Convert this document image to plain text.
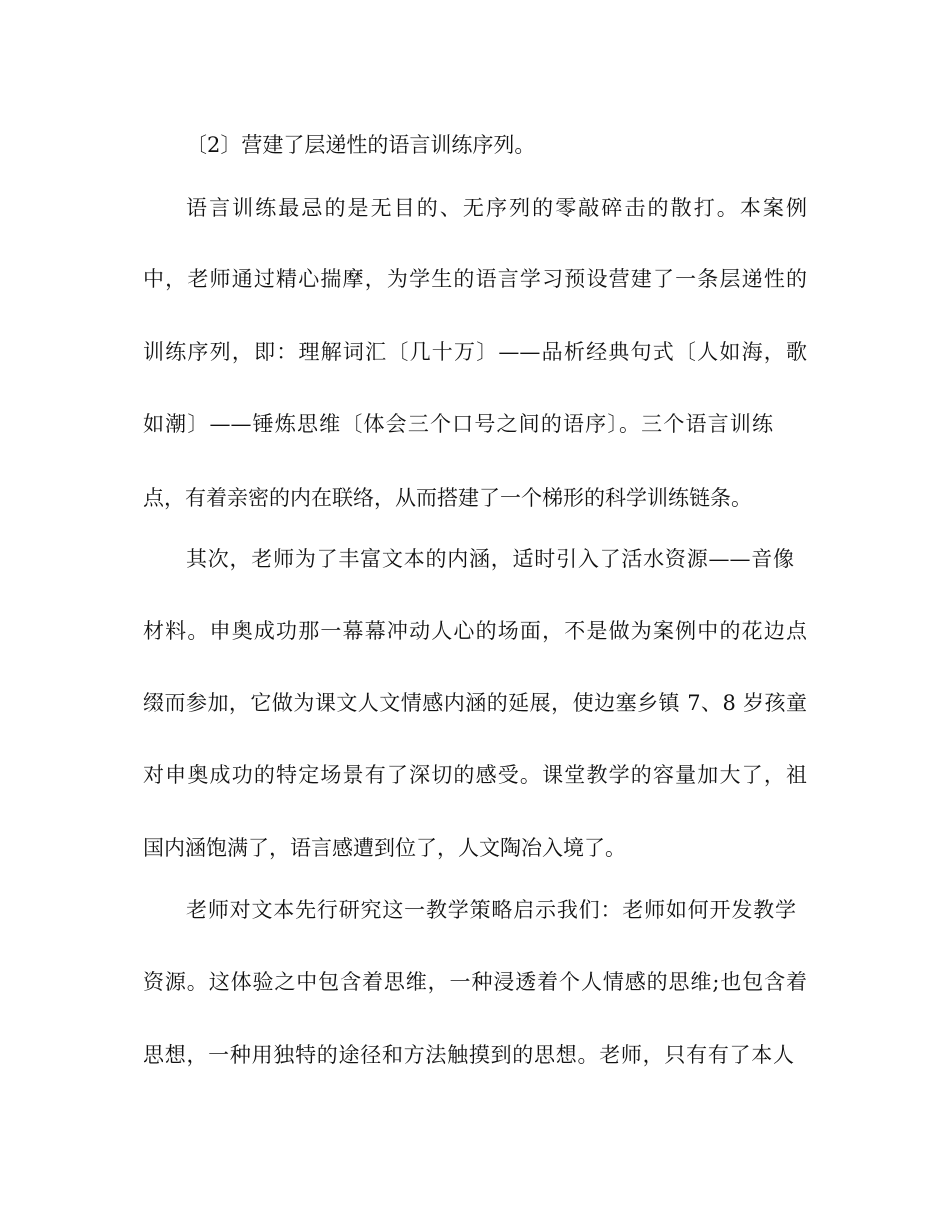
〔2〕营建了层递性的语言训练序列。

语言训练最忌的是无目的、无序列的零敲碎击的散打。本案例

中，老师通过精心揣摩，为学生的语言学习预设营建了一条层递性的

训练序列，即：理解词汇〔几十万〕——品析经典句式〔人如海，歌

如潮〕——锤炼思维〔体会三个口号之间的语序〕。三个语言训练

点，有着亲密的内在联络，从而搭建了一个梯形的科学训练链条。

其次，老师为了丰富文本的内涵，适时引入了活水资源——音像

材料。申奥成功那一幕幕冲动人心的场面，不是做为案例中的花边点

缀而参加，它做为课文人文情感内涵的延展，使边塞乡镇 7、8 岁孩童

对申奥成功的特定场景有了深切的感受。课堂教学的容量加大了，祖

国内涵饱满了，语言感遭到位了，人文陶冶入境了。

老师对文本先行研究这一教学策略启示我们：老师如何开发教学

资源。这体验之中包含着思维，一种浸透着个人情感的思维;也包含着

思想，一种用独特的途径和方法触摸到的思想。老师，只有有了本人
